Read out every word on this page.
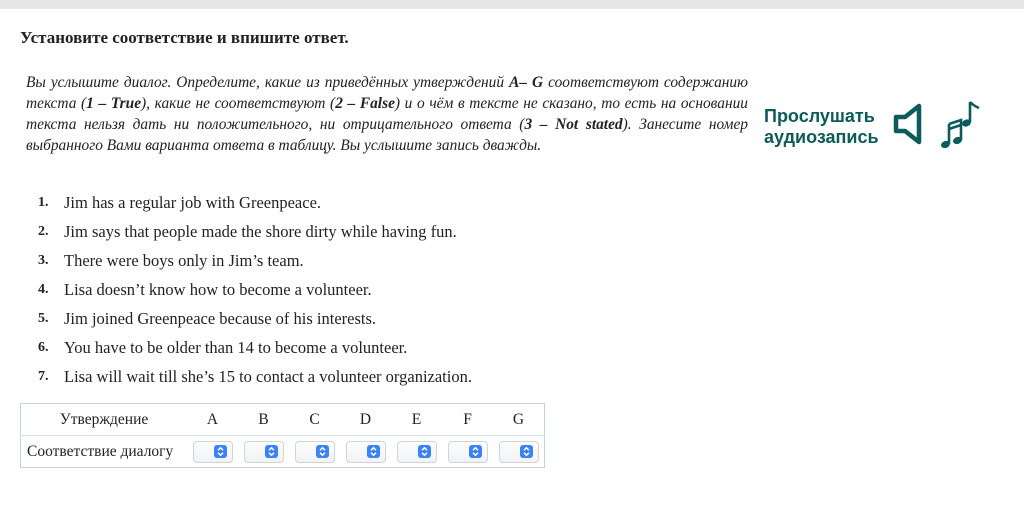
Установите соответствие и впишите ответ.
Вы услышите диалог. Определите, какие из приведённых утверждений A– G соответствуют содержанию текста (1 – True), какие не соответствуют (2 – False) и о чём в тексте не сказано, то есть на основании текста нельзя дать ни положительного, ни отрицательного ответа (3 – Not stated). Занесите номер выбранного Вами варианта ответа в таблицу. Вы услышите запись дважды.
Прослушать
аудиозапись
1. Jim has a regular job with Greenpeace.
2. Jim says that people made the shore dirty while having fun.
3. There were boys only in Jim’s team.
4. Lisa doesn’t know how to become a volunteer.
5. Jim joined Greenpeace because of his interests.
6. You have to be older than 14 to become a volunteer.
7. Lisa will wait till she’s 15 to contact a volunteer organization.
Утверждение	A	B	C	D	E	F	G
Соответствие диалогу	
